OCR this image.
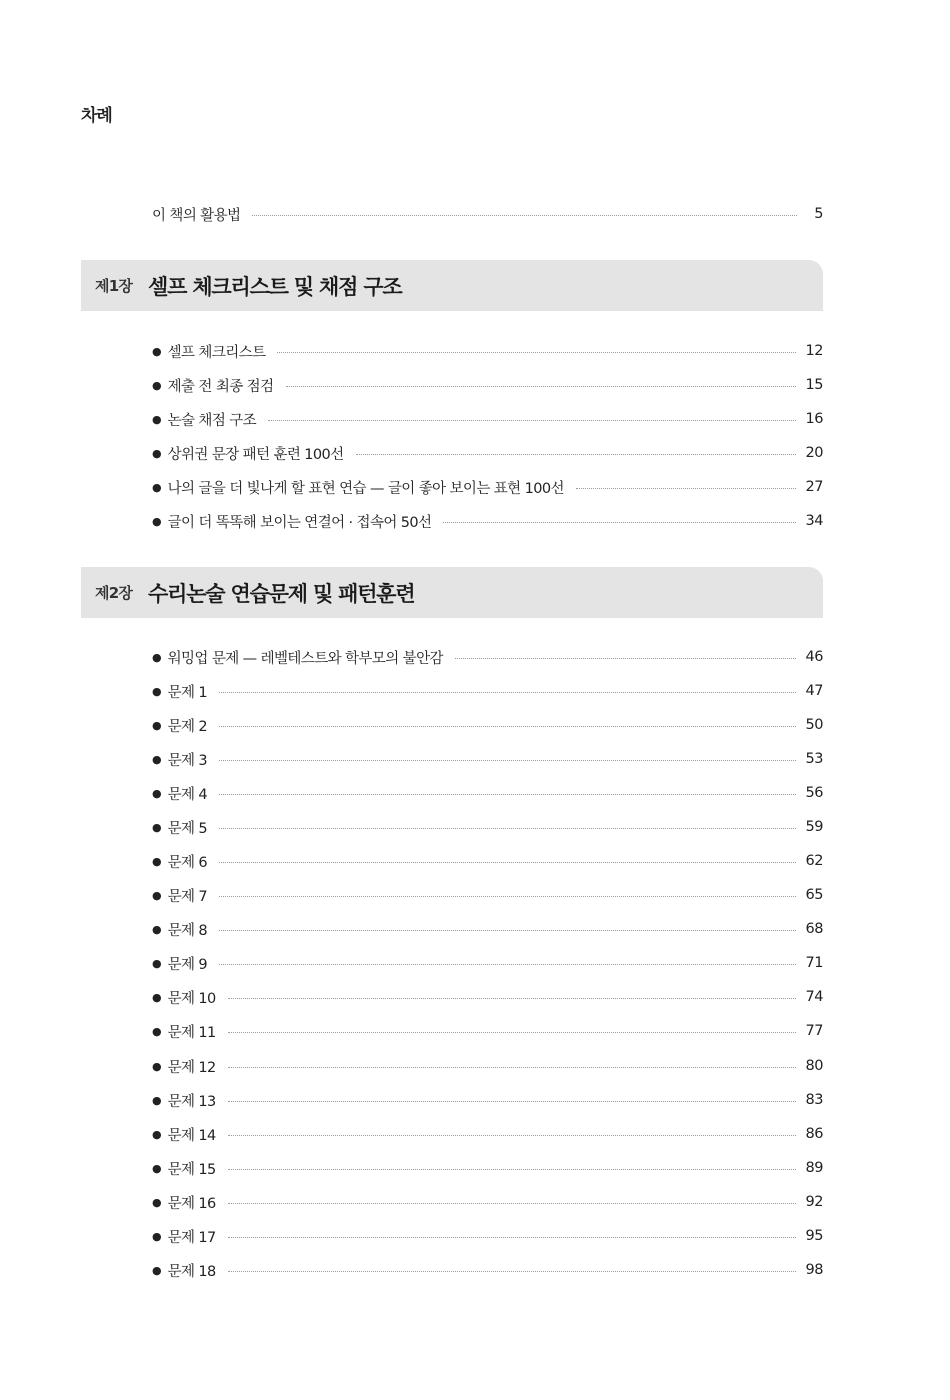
차례
이 책의 활용법	5
제1장 셀프 체크리스트 및 채점 구조
● 셀프 체크리스트	12
● 제출 전 최종 점검	15
● 논술 채점 구조	16
● 상위권 문장 패턴 훈련 100선	20
● 나의 글을 더 빛나게 할 표현 연습 — 글이 좋아 보이는 표현 100선	27
● 글이 더 똑똑해 보이는 연결어 · 접속어 50선	34
제2장 수리논술 연습문제 및 패턴훈련
● 워밍업 문제 — 레벨테스트와 학부모의 불안감	46
● 문제 1	47
● 문제 2	50
● 문제 3	53
● 문제 4	56
● 문제 5	59
● 문제 6	62
● 문제 7	65
● 문제 8	68
● 문제 9	71
● 문제 10	74
● 문제 11	77
● 문제 12	80
● 문제 13	83
● 문제 14	86
● 문제 15	89
● 문제 16	92
● 문제 17	95
● 문제 18	98
